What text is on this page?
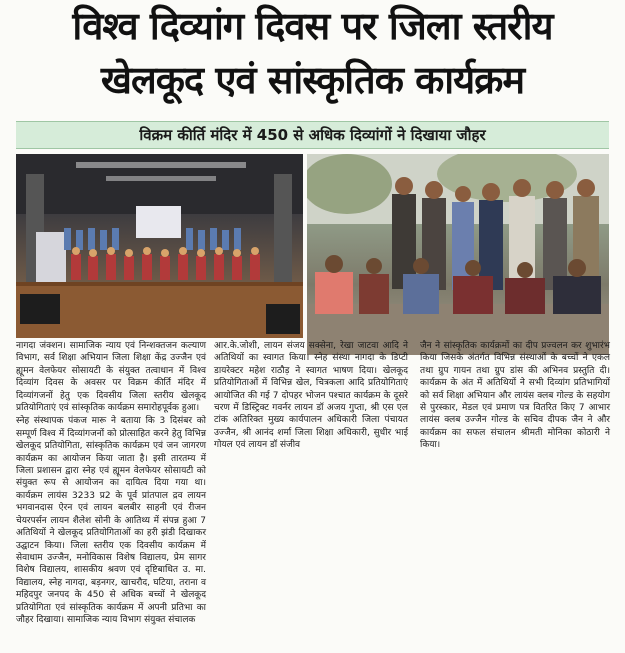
विश्व दिव्यांग दिवस पर जिला स्तरीय
खेलकूद एवं सांस्कृतिक कार्यक्रम
विक्रम कीर्ति मंदिर में 450 से अधिक दिव्यांगों ने दिखाया जौहर

नागदा जंक्शन। सामाजिक न्याय एवं निन्शक्तजन कल्याण विभाग, सर्व शिक्षा अभियान जिला शिक्षा केंद्र उज्जैन एवं ह्यूमन वेलफेयर सोसायटी के संयुक्त तत्वाधान में विश्व दिव्यांग दिवस के अवसर पर विक्रम कीर्ति मंदिर में दिव्यांगजनों हेतु एक दिवसीय जिला स्तरीय खेलकूद प्रतियोगिताएं एवं सांस्कृतिक कार्यक्रम समारोहपूर्वक हुआ।

स्नेह संस्थापक पंकज मारू ने बताया कि 3 दिसंबर को सम्पूर्ण विश्व में दिव्यांगजनों को प्रोत्साहित करने हेतु विभिन्न खेलकूद प्रतियोगिता, सांस्कृतिक कार्यक्रम एवं जन जागरण कार्यक्रम का आयोजन किया जाता है। इसी तारतम्य में जिला प्रशासन द्वारा स्नेह एवं ह्यूमन वेलफेयर सोसायटी को संयुक्त रूप से आयोजन का दायित्व दिया गया था। कार्यक्रम लायंस 3233 प्र2 के पूर्व प्रांतपाल द्रव लायन भगवानदास ऐरन एवं लायन बलबीर साहनी एवं रीजन चेयरपर्सन लायन शैलेश सोनी के आतिथ्य में संपन्न हुआ 7 अतिथियों ने खेलकूद प्रतियोगिताओं का हरी झंडी दिखाकर उद्घाटन किया। जिला स्तरीय एक दिवसीय कार्यक्रम में सेवाधाम उज्जैन, मनोविकास विशेष विद्यालय, प्रेम सागर विशेष विद्यालय, शासकीय श्रवण एवं दृष्टिबाधित उ. मा. विद्यालय, स्नेह नागदा, बड़नगर, खाचरौद, घटिया, तराना व महिदपुर जनपद के 450 से अधिक बच्चों ने खेलकूद प्रतियोगिता एवं सांस्कृतिक कार्यक्रम में अपनी प्रतिभा का जौहर दिखाया। सामाजिक न्याय विभाग संयुक्त संचालक

आर.के.जोशी, लायन संजय सक्सेना, रेखा जाटवा आदि ने अतिथियों का स्वागत किया। स्नेह संस्था नागदा के डिप्टी डायरेक्टर महेश राठौड़ ने स्वागत भाषण दिया। खेलकूद प्रतियोगिताओं में विभिन्न खेल, चित्रकला आदि प्रतियोगिताएं आयोजित की गई 7 दोपहर भोजन पश्चात कार्यक्रम के दूसरे चरण में डिस्ट्रिक्ट गवर्नर लायन डॉ अजय गुप्ता, श्री एस एल टांक अतिरिक्त मुख्य कार्यपालन अधिकारी जिला पंचायत उज्जैन, श्री आनंद शर्मा जिला शिक्षा अधिकारी, सुधीर भाई गोयल एवं लायन डॉ संजीव

जैन ने सांस्कृतिक कार्यक्रमों का दीप प्रज्वलन कर शुभारंभ किया जिसके अंतर्गत विभिन्न संस्थाओं के बच्चों ने एकल तथा ग्रुप गायन तथा ग्रुप डांस की अभिनव प्रस्तुति दी। कार्यक्रम के अंत में अतिथियों ने सभी दिव्यांग प्रतिभागियों को सर्व शिक्षा अभियान और लायंस क्लब गोल्ड के सहयोग से पुरस्कार, मेडल एवं प्रमाण पत्र वितरित किए 7 आभार लायंस क्लब उज्जैन गोल्ड के सचिव दीपक जैन ने और कार्यक्रम का सफल संचालन श्रीमती मोनिका कोठारी ने किया।
